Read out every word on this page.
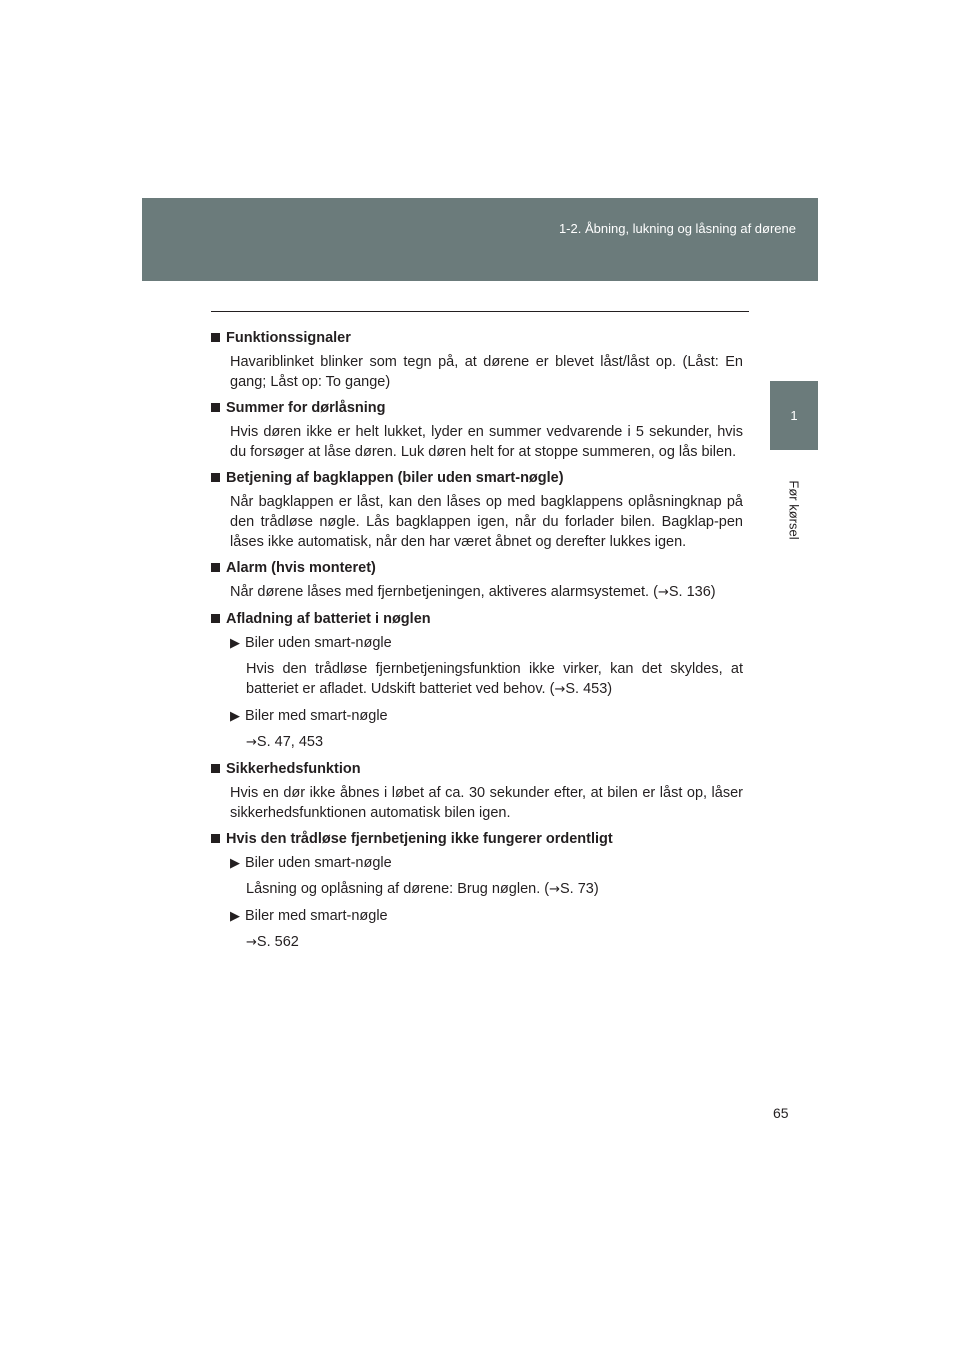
1-2. Åbning, lukning og låsning af dørene
1
Før kørsel

Funktionssignaler

Havariblinket blinker som tegn på, at dørene er blevet låst/låst op. (Låst: En gang; Låst op: To gange)

Summer for dørlåsning

Hvis døren ikke er helt lukket, lyder en summer vedvarende i 5 sekunder, hvis du forsøger at låse døren. Luk døren helt for at stoppe summeren, og lås bilen.

Betjening af bagklappen (biler uden smart-nøgle)

Når bagklappen er låst, kan den låses op med bagklappens oplåsningknap på den trådløse nøgle. Lås bagklappen igen, når du forlader bilen. Bagklap-pen låses ikke automatisk, når den har været åbnet og derefter lukkes igen.

Alarm (hvis monteret)

Når dørene låses med fjernbetjeningen, aktiveres alarmsystemet. (→S. 136)

Afladning af batteriet i nøglen

▶ Biler uden smart-nøgle

Hvis den trådløse fjernbetjeningsfunktion ikke virker, kan det skyldes, at batteriet er afladet. Udskift batteriet ved behov. (→S. 453)

▶ Biler med smart-nøgle

→S. 47, 453

Sikkerhedsfunktion

Hvis en dør ikke åbnes i løbet af ca. 30 sekunder efter, at bilen er låst op, låser sikkerhedsfunktionen automatisk bilen igen.

Hvis den trådløse fjernbetjening ikke fungerer ordentligt

▶ Biler uden smart-nøgle

Låsning og oplåsning af dørene: Brug nøglen. (→S. 73)

▶ Biler med smart-nøgle

→S. 562

65
